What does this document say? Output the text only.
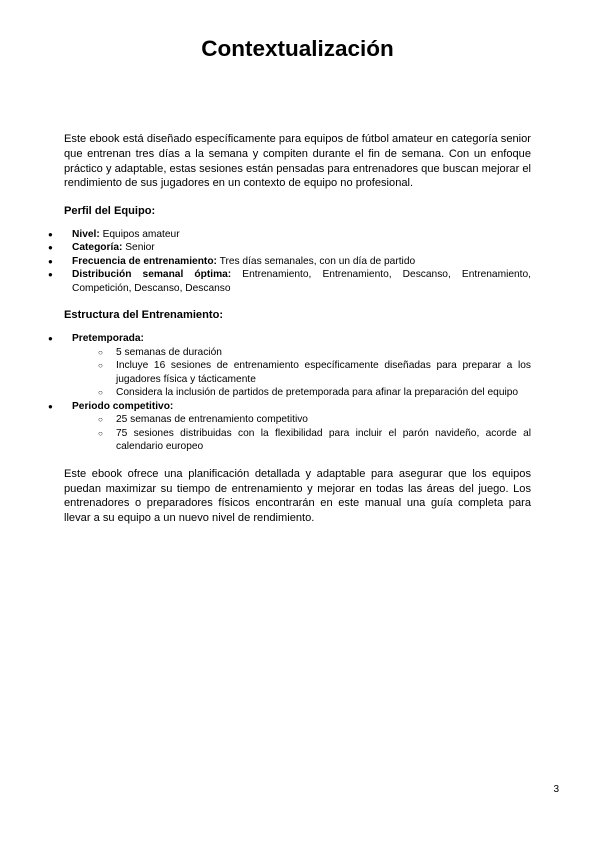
Contextualización

Este ebook está diseñado específicamente para equipos de fútbol amateur en categoría senior que entrenan tres días a la semana y compiten durante el fin de semana. Con un enfoque práctico y adaptable, estas sesiones están pensadas para entrenadores que buscan mejorar el rendimiento de sus jugadores en un contexto de equipo no profesional.

Perfil del Equipo:

● Nivel: Equipos amateur
● Categoría: Senior
● Frecuencia de entrenamiento: Tres días semanales, con un día de partido
● Distribución semanal óptima: Entrenamiento, Entrenamiento, Descanso, Entrenamiento, Competición, Descanso, Descanso

Estructura del Entrenamiento:

● Pretemporada:
○ 5 semanas de duración
○ Incluye 16 sesiones de entrenamiento específicamente diseñadas para preparar a los jugadores física y tácticamente
○ Considera la inclusión de partidos de pretemporada para afinar la preparación del equipo
● Periodo competitivo:
○ 25 semanas de entrenamiento competitivo
○ 75 sesiones distribuidas con la flexibilidad para incluir el parón navideño, acorde al calendario europeo

Este ebook ofrece una planificación detallada y adaptable para asegurar que los equipos puedan maximizar su tiempo de entrenamiento y mejorar en todas las áreas del juego. Los entrenadores o preparadores físicos encontrarán en este manual una guía completa para llevar a su equipo a un nuevo nivel de rendimiento.

3
